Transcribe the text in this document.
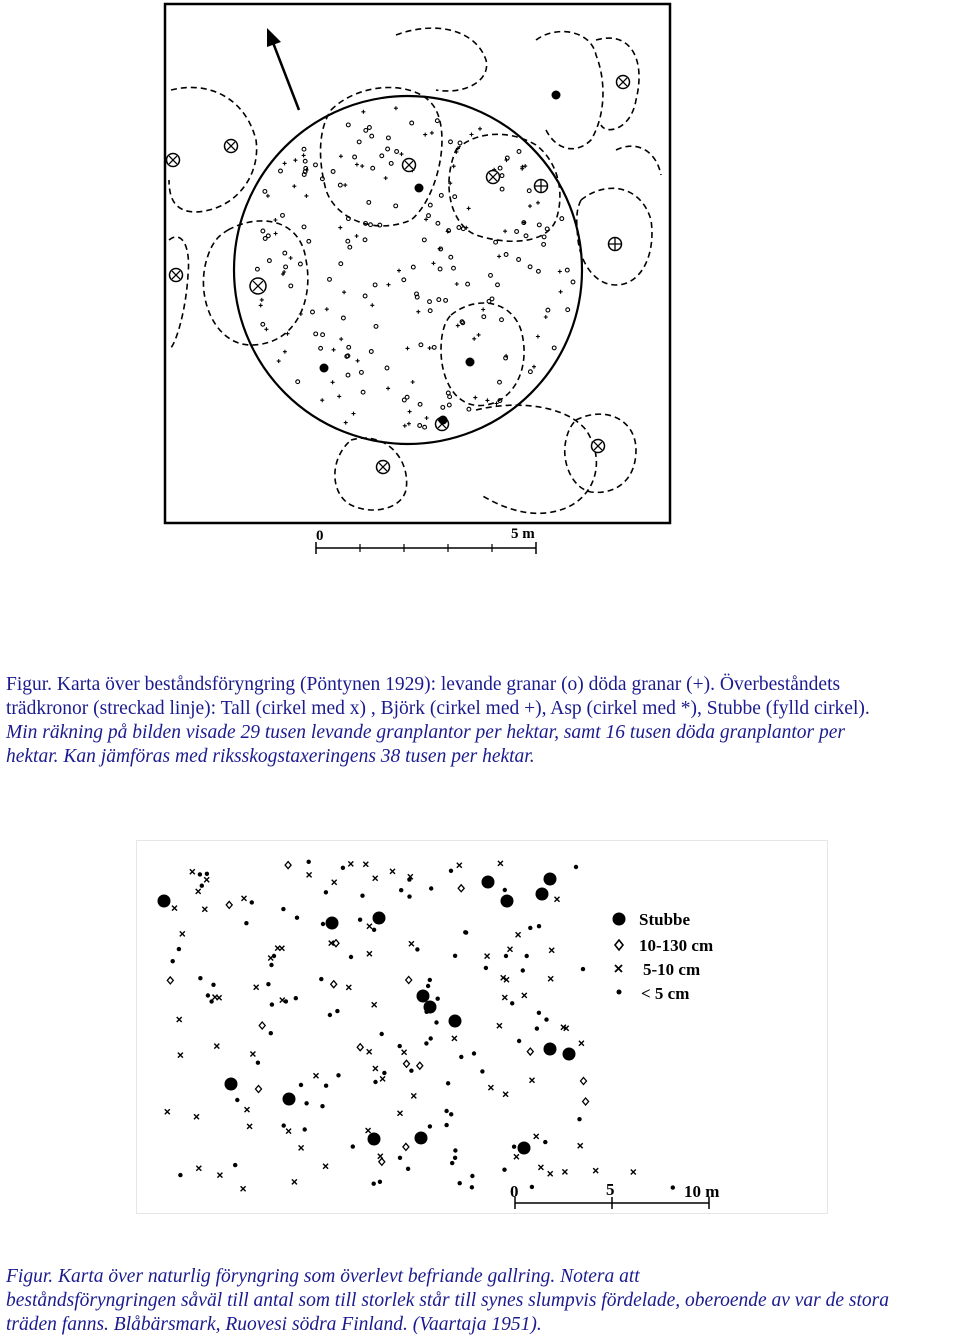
0	5 m

Figur. Karta över beståndsföryngring (Pöntynen 1929): levande granar (o) döda granar (+). Överbeståndets
trädkronor (streckad linje): Tall (cirkel med x) , Björk (cirkel med +), Asp (cirkel med *), Stubbe (fylld cirkel).
Min räkning på bilden visade 29 tusen levande granplantor per hektar, samt 16 tusen döda granplantor per
hektar. Kan jämföras med riksskogstaxeringens 38 tusen per hektar.

Stubbe
10-130 cm
5-10 cm
< 5 cm
0	5	10 m

Figur. Karta över naturlig föryngring som överlevt befriande gallring. Notera att
beståndsföryngringen såväl till antal som till storlek står till synes slumpvis fördelade, oberoende av var de stora
träden fanns. Blåbärsmark, Ruovesi södra Finland. (Vaartaja 1951).
